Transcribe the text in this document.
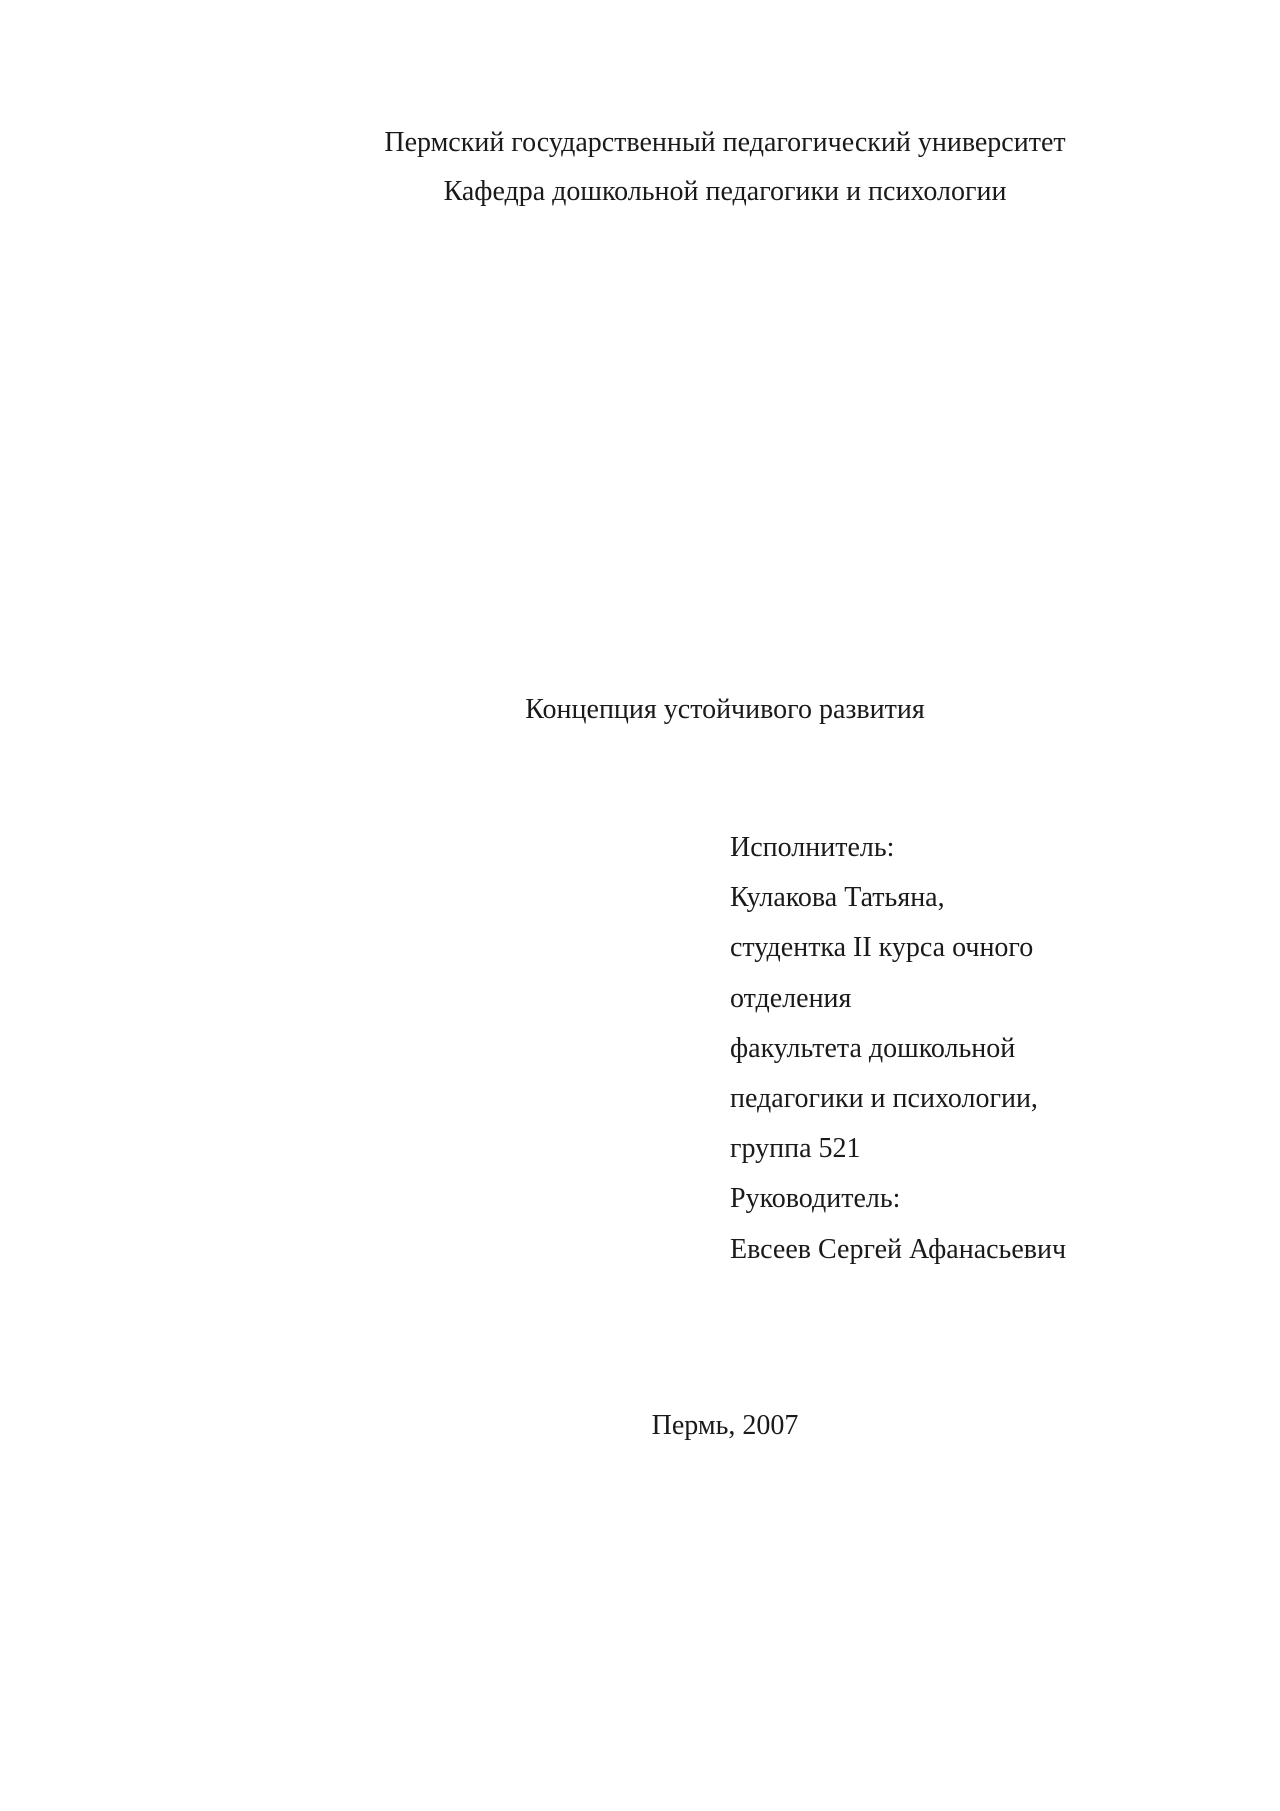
Пермский государственный педагогический университет
Кафедра дошкольной педагогики и психологии
Концепция устойчивого развития
Исполнитель:
Кулакова Татьяна,
студентка II курса очного
отделения
факультета дошкольной
педагогики и психологии,
группа 521
Руководитель:
Евсеев Сергей Афанасьевич
Пермь, 2007
